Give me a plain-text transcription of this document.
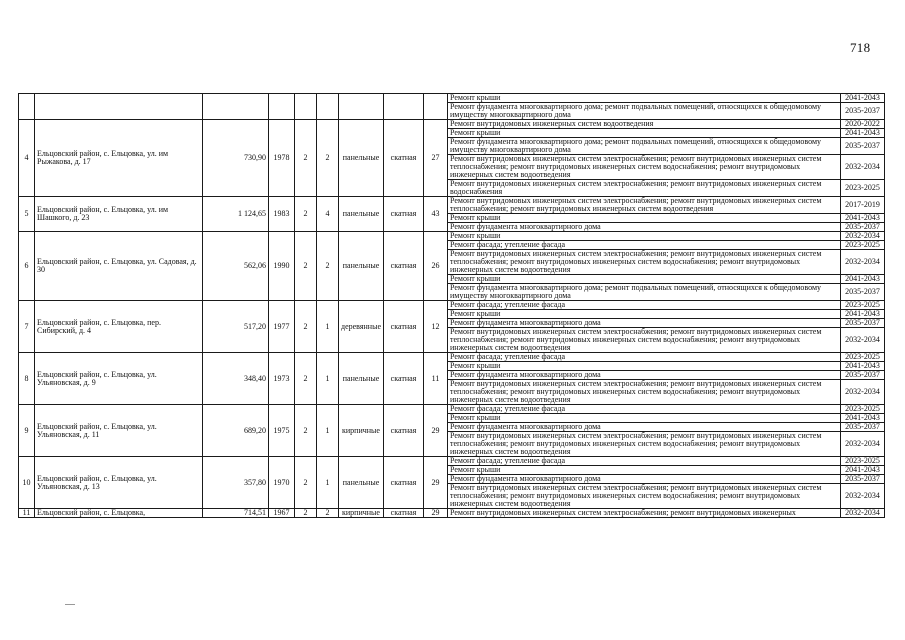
718
									Ремонт крыши	2041-2043
									Ремонт фундамента многоквартирного дома; ремонт подвальных помещений, относящихся к общедомовому имуществу многоквартирного дома	2035-2037
4	Ельцовский район, с. Ельцовка, ул. им Рыжакова, д. 17	730,90	1978	2	2	панельные	скатная	27	Ремонт внутридомовых инженерных систем водоотведения	2020-2022
									Ремонт крыши	2041-2043
									Ремонт фундамента многоквартирного дома; ремонт подвальных помещений, относящихся к общедомовому имуществу многоквартирного дома	2035-2037
									Ремонт внутридомовых инженерных систем электроснабжения; ремонт внутридомовых инженерных систем теплоснабжения; ремонт внутридомовых инженерных систем водоснабжения; ремонт внутридомовых инженерных систем водоотведения	2032-2034
									Ремонт внутридомовых инженерных систем электроснабжения; ремонт внутридомовых инженерных систем водоснабжения	2023-2025
5	Ельцовский район, с. Ельцовка, ул. им Шашкого, д. 23	1 124,65	1983	2	4	панельные	скатная	43	Ремонт внутридомовых инженерных систем электроснабжения; ремонт внутридомовых инженерных систем теплоснабжения; ремонт внутридомовых инженерных систем водоотведения	2017-2019
									Ремонт крыши	2041-2043
									Ремонт фундамента многоквартирного дома	2035-2037
6	Ельцовский район, с. Ельцовка, ул. Садовая, д. 30	562,06	1990	2	2	панельные	скатная	26	Ремонт крыши	2032-2034
									Ремонт фасада; утепление фасада	2023-2025
									Ремонт внутридомовых инженерных систем электроснабжения; ремонт внутридомовых инженерных систем теплоснабжения; ремонт внутридомовых инженерных систем водоснабжения; ремонт внутридомовых инженерных систем водоотведения	2032-2034
									Ремонт крыши	2041-2043
									Ремонт фундамента многоквартирного дома; ремонт подвальных помещений, относящихся к общедомовому имуществу многоквартирного дома	2035-2037
7	Ельцовский район, с. Ельцовка, пер. Сибирский, д. 4	517,20	1977	2	1	деревянные	скатная	12	Ремонт фасада; утепление фасада	2023-2025
									Ремонт крыши	2041-2043
									Ремонт фундамента многоквартирного дома	2035-2037
									Ремонт внутридомовых инженерных систем электроснабжения; ремонт внутридомовых инженерных систем теплоснабжения; ремонт внутридомовых инженерных систем водоснабжения; ремонт внутридомовых инженерных систем водоотведения	2032-2034
8	Ельцовский район, с. Ельцовка, ул. Ульяновская, д. 9	348,40	1973	2	1	панельные	скатная	11	Ремонт фасада; утепление фасада	2023-2025
									Ремонт крыши	2041-2043
									Ремонт фундамента многоквартирного дома	2035-2037
									Ремонт внутридомовых инженерных систем электроснабжения; ремонт внутридомовых инженерных систем теплоснабжения; ремонт внутридомовых инженерных систем водоснабжения; ремонт внутридомовых инженерных систем водоотведения	2032-2034
9	Ельцовский район, с. Ельцовка, ул. Ульяновская, д. 11	689,20	1975	2	1	кирпичные	скатная	29	Ремонт фасада; утепление фасада	2023-2025
									Ремонт крыши	2041-2043
									Ремонт фундамента многоквартирного дома	2035-2037
									Ремонт внутридомовых инженерных систем электроснабжения; ремонт внутридомовых инженерных систем теплоснабжения; ремонт внутридомовых инженерных систем водоснабжения; ремонт внутридомовых инженерных систем водоотведения	2032-2034
10	Ельцовский район, с. Ельцовка, ул. Ульяновская, д. 13	357,80	1970	2	1	панельные	скатная	29	Ремонт фасада; утепление фасада	2023-2025
									Ремонт крыши	2041-2043
									Ремонт фундамента многоквартирного дома	2035-2037
									Ремонт внутридомовых инженерных систем электроснабжения; ремонт внутридомовых инженерных систем теплоснабжения; ремонт внутридомовых инженерных систем водоснабжения; ремонт внутридомовых инженерных систем водоотведения	2032-2034
11	Ельцовский район, с. Ельцовка,	714,51	1967	2	2	кирпичные	скатная	29	Ремонт внутридомовых инженерных систем электроснабжения; ремонт внутридомовых инженерных	2032-2034
